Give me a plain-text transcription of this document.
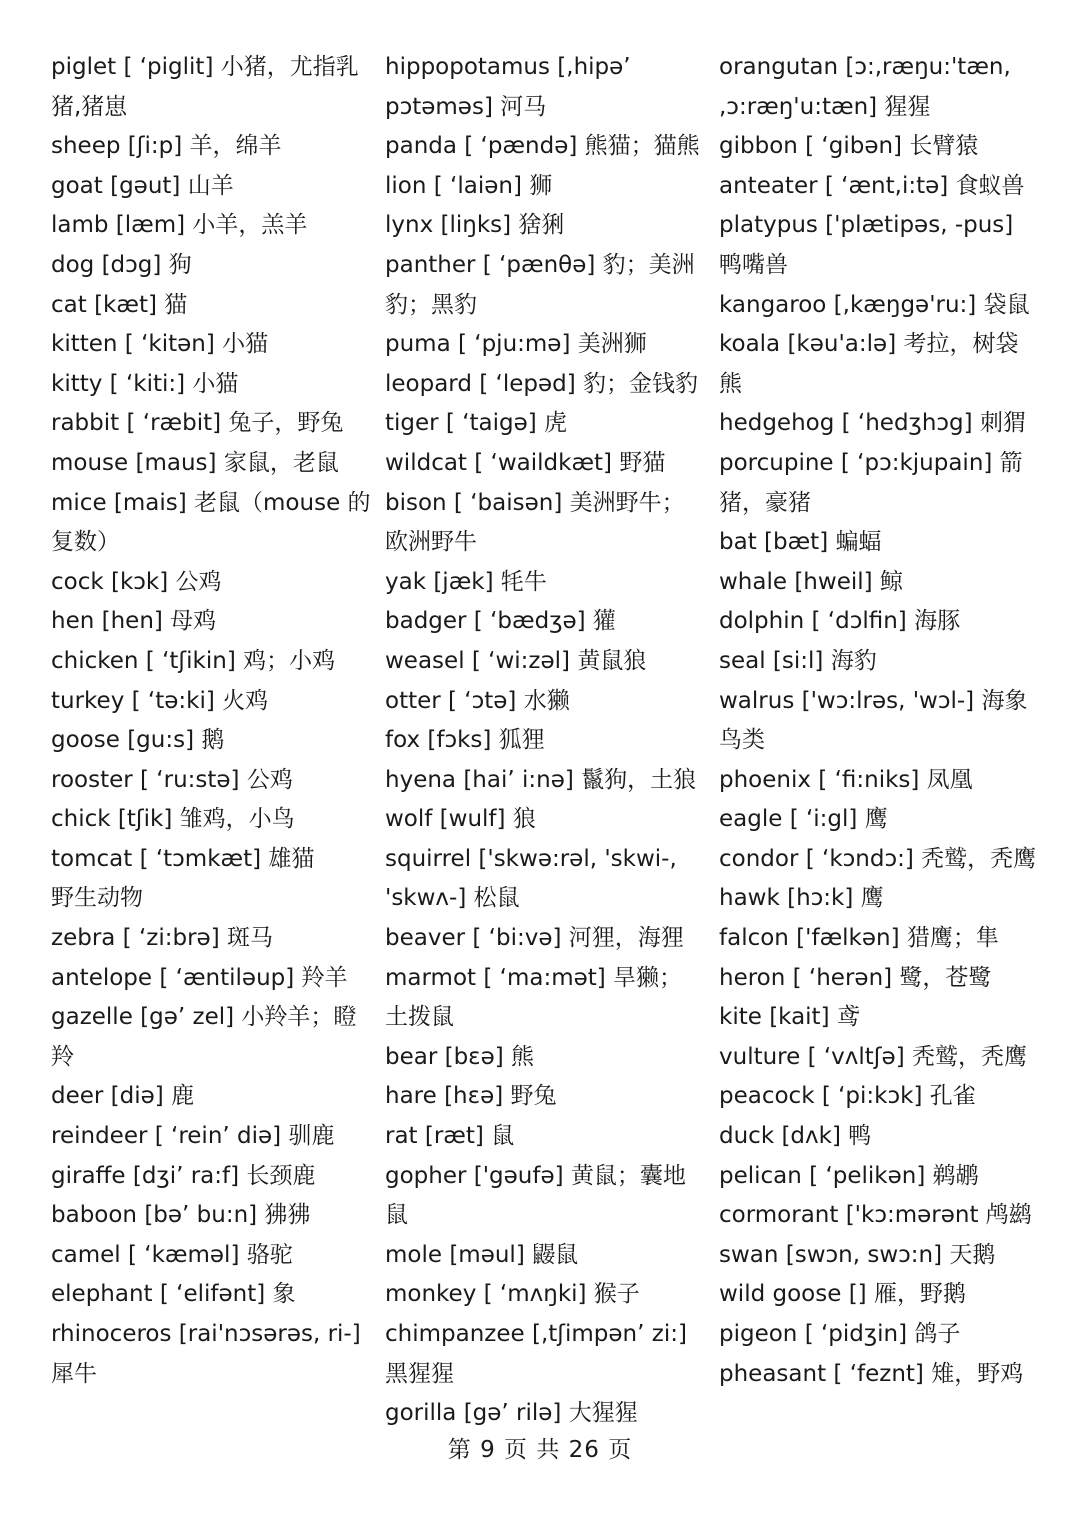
piglet [ ‘piglit] 小猪，尤指乳猪,猪崽

sheep [ʃi:p] 羊，绵羊

goat [gəut] 山羊

lamb [læm] 小羊，羔羊

dog [dɔg] 狗

cat [kæt] 猫

kitten [ ‘kitən] 小猫

kitty [ ‘kiti:] 小猫

rabbit [ ‘ræbit] 兔子，野兔

mouse [maus] 家鼠，老鼠

mice [mais] 老鼠（mouse 的复数）

cock [kɔk] 公鸡

hen [hen] 母鸡

chicken [ ‘tʃikin] 鸡；小鸡

turkey [ ‘tə:ki] 火鸡

goose [gu:s] 鹅

rooster [ ‘ru:stə] 公鸡

chick [tʃik] 雏鸡，小鸟

tomcat [ ‘tɔmkæt] 雄猫

野生动物

zebra [ ‘zi:brə] 斑马

antelope [ ‘æntiləup] 羚羊

gazelle [gə’ zel] 小羚羊；瞪羚

deer [diə] 鹿

reindeer [ ‘rein’ diə] 驯鹿

giraffe [dʒi’ ra:f] 长颈鹿

baboon [bə’ bu:n] 狒狒

camel [ ‘kæməl] 骆驼

elephant [ ‘elifənt] 象

rhinoceros [rai'nɔsərəs, ri-] 犀牛

hippopotamus [,hipə’ pɔtəməs] 河马

panda [ ‘pændə] 熊猫；猫熊

lion [ ‘laiən] 狮

lynx [liŋks] 猞猁

panther [ ‘pænθə] 豹；美洲豹；黑豹

puma [ ‘pju:mə] 美洲狮

leopard [ ‘lepəd] 豹；金钱豹

tiger [ ‘taigə] 虎

wildcat [ ‘waildkæt] 野猫

bison [ ‘baisən] 美洲野牛；欧洲野牛

yak [jæk] 牦牛

badger [ ‘bædʒə] 獾

weasel [ ‘wi:zəl] 黄鼠狼

otter [ ‘ɔtə] 水獭

fox [fɔks] 狐狸

hyena [hai’ i:nə] 鬣狗，土狼

wolf [wulf] 狼

squirrel ['skwə:rəl, 'skwi-, 'skwʌ-] 松鼠

beaver [ ‘bi:və] 河狸，海狸

marmot [ ‘ma:mət] 旱獭；土拨鼠

bear [bɛə] 熊

hare [hɛə] 野兔

rat [ræt] 鼠

gopher ['gəufə] 黄鼠；囊地鼠

mole [məul] 鼹鼠

monkey [ ‘mʌŋki] 猴子

chimpanzee [,tʃimpən’ zi:] 黑猩猩

gorilla [gə’ rilə] 大猩猩

orangutan [ɔ:,ræŋu:'tæn, ,ɔ:ræŋ'u:tæn] 猩猩

gibbon [ ‘gibən] 长臂猿

anteater [ ‘ænt,i:tə] 食蚁兽

platypus ['plætipəs, -pus] 鸭嘴兽

kangaroo [,kæŋgə'ru:] 袋鼠

koala [kəu'a:lə] 考拉，树袋熊

hedgehog [ ‘hedʒhɔg] 刺猬

porcupine [ ‘pɔ:kjupain] 箭猪，豪猪

bat [bæt] 蝙蝠

whale [hweil] 鲸

dolphin [ ‘dɔlfin] 海豚

seal [si:l] 海豹

walrus ['wɔ:lrəs, 'wɔl-] 海象

鸟类

phoenix [ ‘fi:niks] 凤凰

eagle [ ‘i:gl] 鹰

condor [ ‘kɔndɔ:] 秃鹫，秃鹰

hawk [hɔ:k] 鹰

falcon ['fælkən] 猎鹰；隼

heron [ ‘herən] 鹭，苍鹭

kite [kait] 鸢

vulture [ ‘vʌltʃə] 秃鹫，秃鹰

peacock [ ‘pi:kɔk] 孔雀

duck [dʌk] 鸭

pelican [ ‘pelikən] 鹈鹕

cormorant ['kɔ:mərənt 鸬鹚

swan [swɔn, swɔ:n] 天鹅

wild goose [] 雁，野鹅

pigeon [ ‘pidʒin] 鸽子

pheasant [ ‘feznt] 雉，野鸡

第 9 页 共 26 页
